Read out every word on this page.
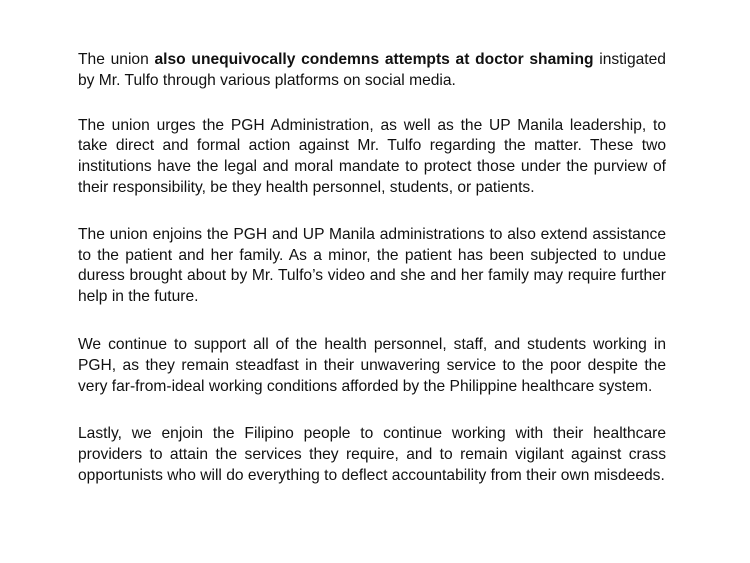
The union also unequivocally condemns attempts at doctor shaming instigated by Mr. Tulfo through various platforms on social media.

The union urges the PGH Administration, as well as the UP Manila leadership, to take direct and formal action against Mr. Tulfo regarding the matter. These two institutions have the legal and moral mandate to protect those under the purview of their responsibility, be they health personnel, students, or patients.

The union enjoins the PGH and UP Manila administrations to also extend assistance to the patient and her family. As a minor, the patient has been subjected to undue duress brought about by Mr. Tulfo’s video and she and her family may require further help in the future.

We continue to support all of the health personnel, staff, and students working in PGH, as they remain steadfast in their unwavering service to the poor despite the very far-from-ideal working conditions afforded by the Philippine healthcare system.

Lastly, we enjoin the Filipino people to continue working with their healthcare providers to attain the services they require, and to remain vigilant against crass opportunists who will do everything to deflect accountability from their own misdeeds.
